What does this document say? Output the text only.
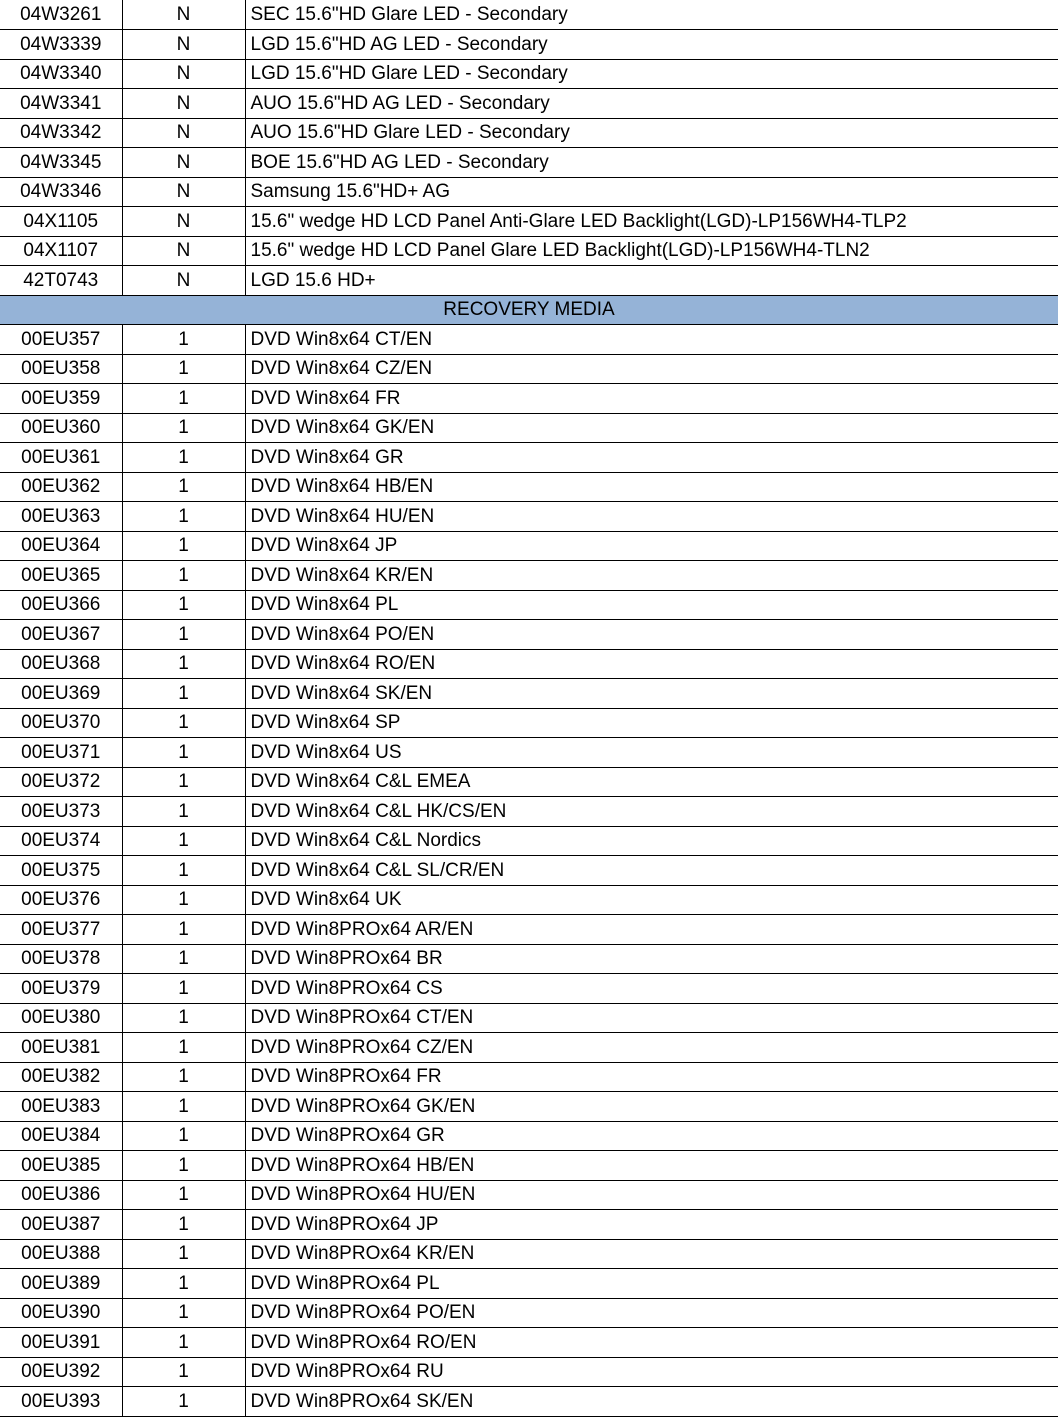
04W3261	N	SEC 15.6"HD Glare LED - Secondary
04W3339	N	LGD 15.6"HD AG LED - Secondary
04W3340	N	LGD 15.6"HD Glare LED - Secondary
04W3341	N	AUO 15.6"HD AG LED - Secondary
04W3342	N	AUO 15.6"HD Glare LED - Secondary
04W3345	N	BOE 15.6"HD AG LED - Secondary
04W3346	N	Samsung 15.6"HD+ AG
04X1105	N	15.6" wedge HD LCD Panel Anti-Glare LED Backlight(LGD)-LP156WH4-TLP2
04X1107	N	15.6" wedge HD LCD Panel Glare LED Backlight(LGD)-LP156WH4-TLN2
42T0743	N	LGD 15.6 HD+
RECOVERY MEDIA		
00EU357	1	DVD Win8x64 CT/EN
00EU358	1	DVD Win8x64 CZ/EN
00EU359	1	DVD Win8x64 FR
00EU360	1	DVD Win8x64 GK/EN
00EU361	1	DVD Win8x64 GR
00EU362	1	DVD Win8x64 HB/EN
00EU363	1	DVD Win8x64 HU/EN
00EU364	1	DVD Win8x64 JP
00EU365	1	DVD Win8x64 KR/EN
00EU366	1	DVD Win8x64 PL
00EU367	1	DVD Win8x64 PO/EN
00EU368	1	DVD Win8x64 RO/EN
00EU369	1	DVD Win8x64 SK/EN
00EU370	1	DVD Win8x64 SP
00EU371	1	DVD Win8x64 US
00EU372	1	DVD Win8x64 C&L EMEA
00EU373	1	DVD Win8x64 C&L HK/CS/EN
00EU374	1	DVD Win8x64 C&L Nordics
00EU375	1	DVD Win8x64 C&L SL/CR/EN
00EU376	1	DVD Win8x64 UK
00EU377	1	DVD Win8PROx64 AR/EN
00EU378	1	DVD Win8PROx64 BR
00EU379	1	DVD Win8PROx64 CS
00EU380	1	DVD Win8PROx64 CT/EN
00EU381	1	DVD Win8PROx64 CZ/EN
00EU382	1	DVD Win8PROx64 FR
00EU383	1	DVD Win8PROx64 GK/EN
00EU384	1	DVD Win8PROx64 GR
00EU385	1	DVD Win8PROx64 HB/EN
00EU386	1	DVD Win8PROx64 HU/EN
00EU387	1	DVD Win8PROx64 JP
00EU388	1	DVD Win8PROx64 KR/EN
00EU389	1	DVD Win8PROx64 PL
00EU390	1	DVD Win8PROx64 PO/EN
00EU391	1	DVD Win8PROx64 RO/EN
00EU392	1	DVD Win8PROx64 RU
00EU393	1	DVD Win8PROx64 SK/EN
